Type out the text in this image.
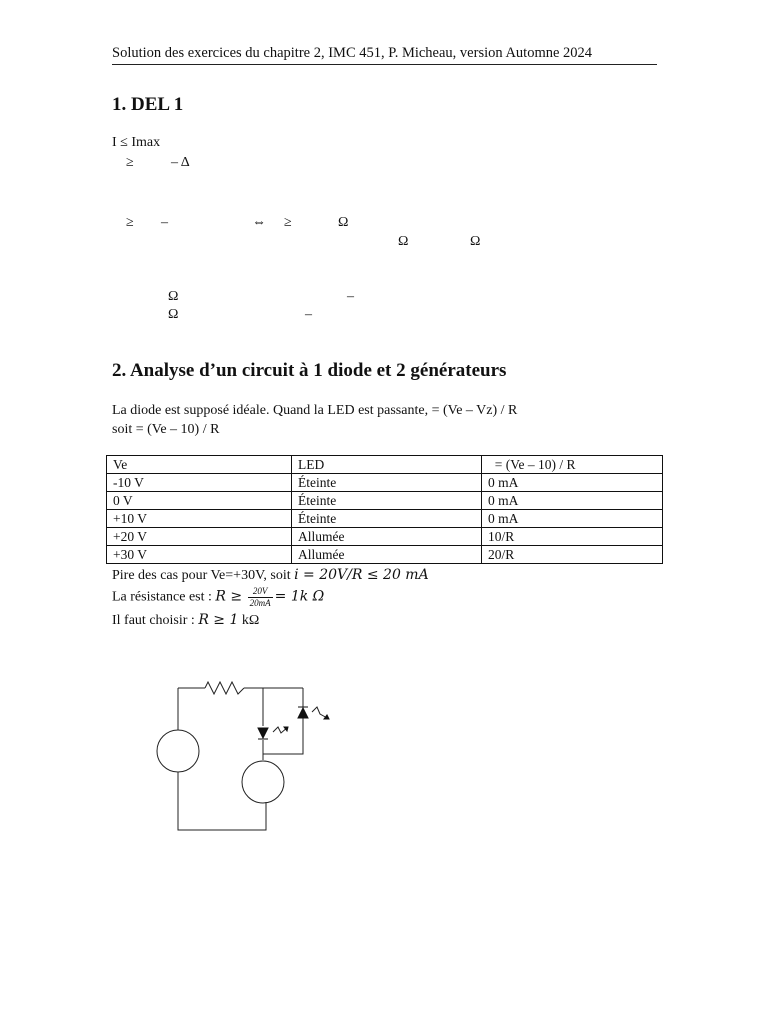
Solution des exercices du chapitre 2, IMC 451, P. Micheau, version Automne 2024
1. DEL 1
I ≤ Imax
≥	– Δ
≥ –	⇔ ≥	Ω
Ω	Ω
Ω	–
Ω	–
2. Analyse d’un circuit à 1 diode et 2 générateurs
La diode est supposé idéale. Quand la LED est passante, = (Ve – Vz) / R
soit = (Ve – 10) / R
Ve	LED	= (Ve – 10) / R
-10 V	Éteinte	0 mA
0 V	Éteinte	0 mA
+10 V	Éteinte	0 mA
+20 V	Allumée	10/R
+30 V	Allumée	20/R
Pire des cas pour Ve=+30V, soit i = 20V/R ≤ 20 mA
La résistance est : $R \ge \frac{20V}{20mA} = 1k$ Ω
Il faut choisir : R ≥ 1 kΩ
